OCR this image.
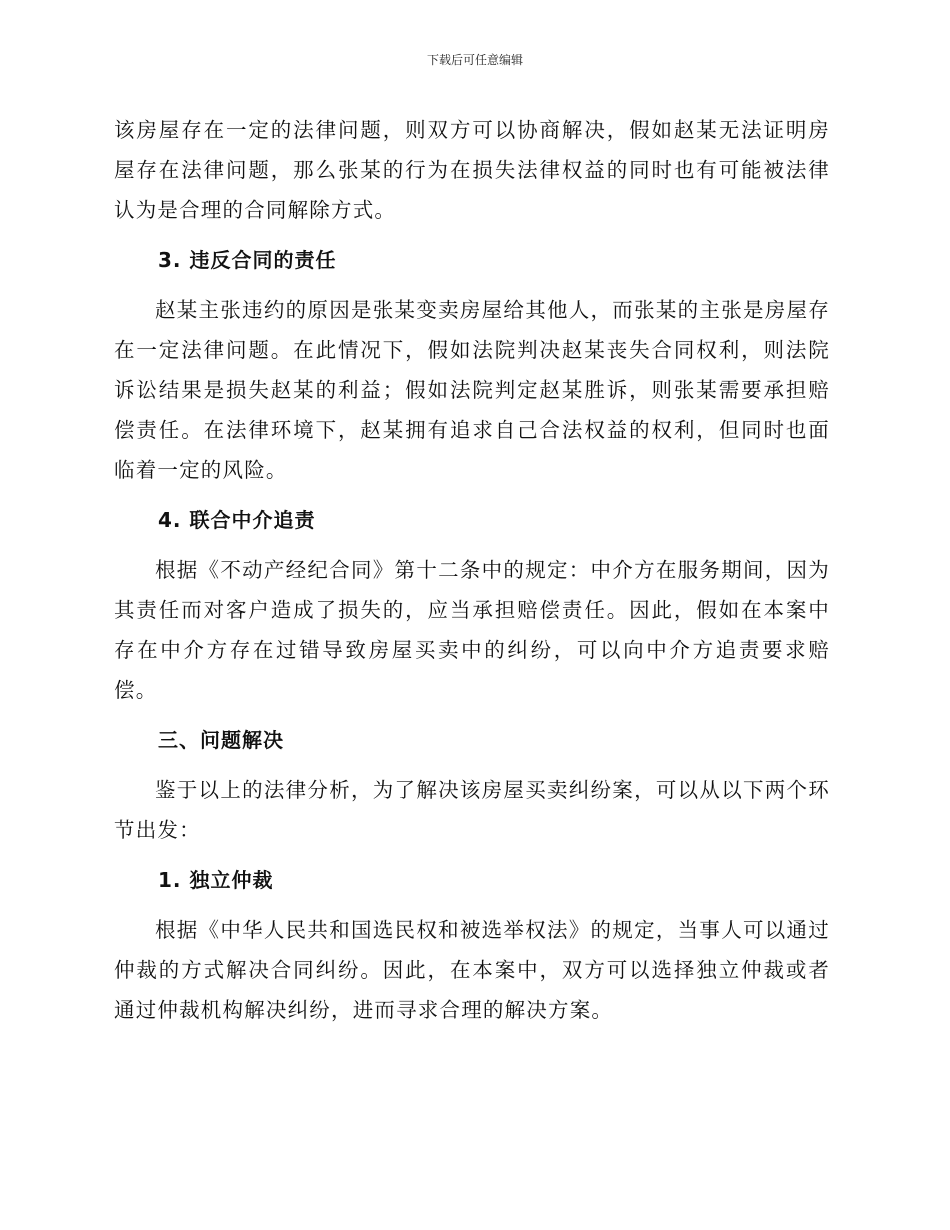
下载后可任意编辑

该房屋存在一定的法律问题，则双方可以协商解决，假如赵某无法证明房屋存在法律问题，那么张某的行为在损失法律权益的同时也有可能被法律认为是合理的合同解除方式。

3. 违反合同的责任

赵某主张违约的原因是张某变卖房屋给其他人，而张某的主张是房屋存在一定法律问题。在此情况下，假如法院判决赵某丧失合同权利，则法院诉讼结果是损失赵某的利益；假如法院判定赵某胜诉，则张某需要承担赔偿责任。在法律环境下，赵某拥有追求自己合法权益的权利，但同时也面临着一定的风险。

4. 联合中介追责

根据《不动产经纪合同》第十二条中的规定：中介方在服务期间，因为其责任而对客户造成了损失的，应当承担赔偿责任。因此，假如在本案中存在中介方存在过错导致房屋买卖中的纠纷，可以向中介方追责要求赔偿。

三、问题解决

鉴于以上的法律分析，为了解决该房屋买卖纠纷案，可以从以下两个环节出发：

1. 独立仲裁

根据《中华人民共和国选民权和被选举权法》的规定，当事人可以通过仲裁的方式解决合同纠纷。因此，在本案中，双方可以选择独立仲裁或者通过仲裁机构解决纠纷，进而寻求合理的解决方案。
